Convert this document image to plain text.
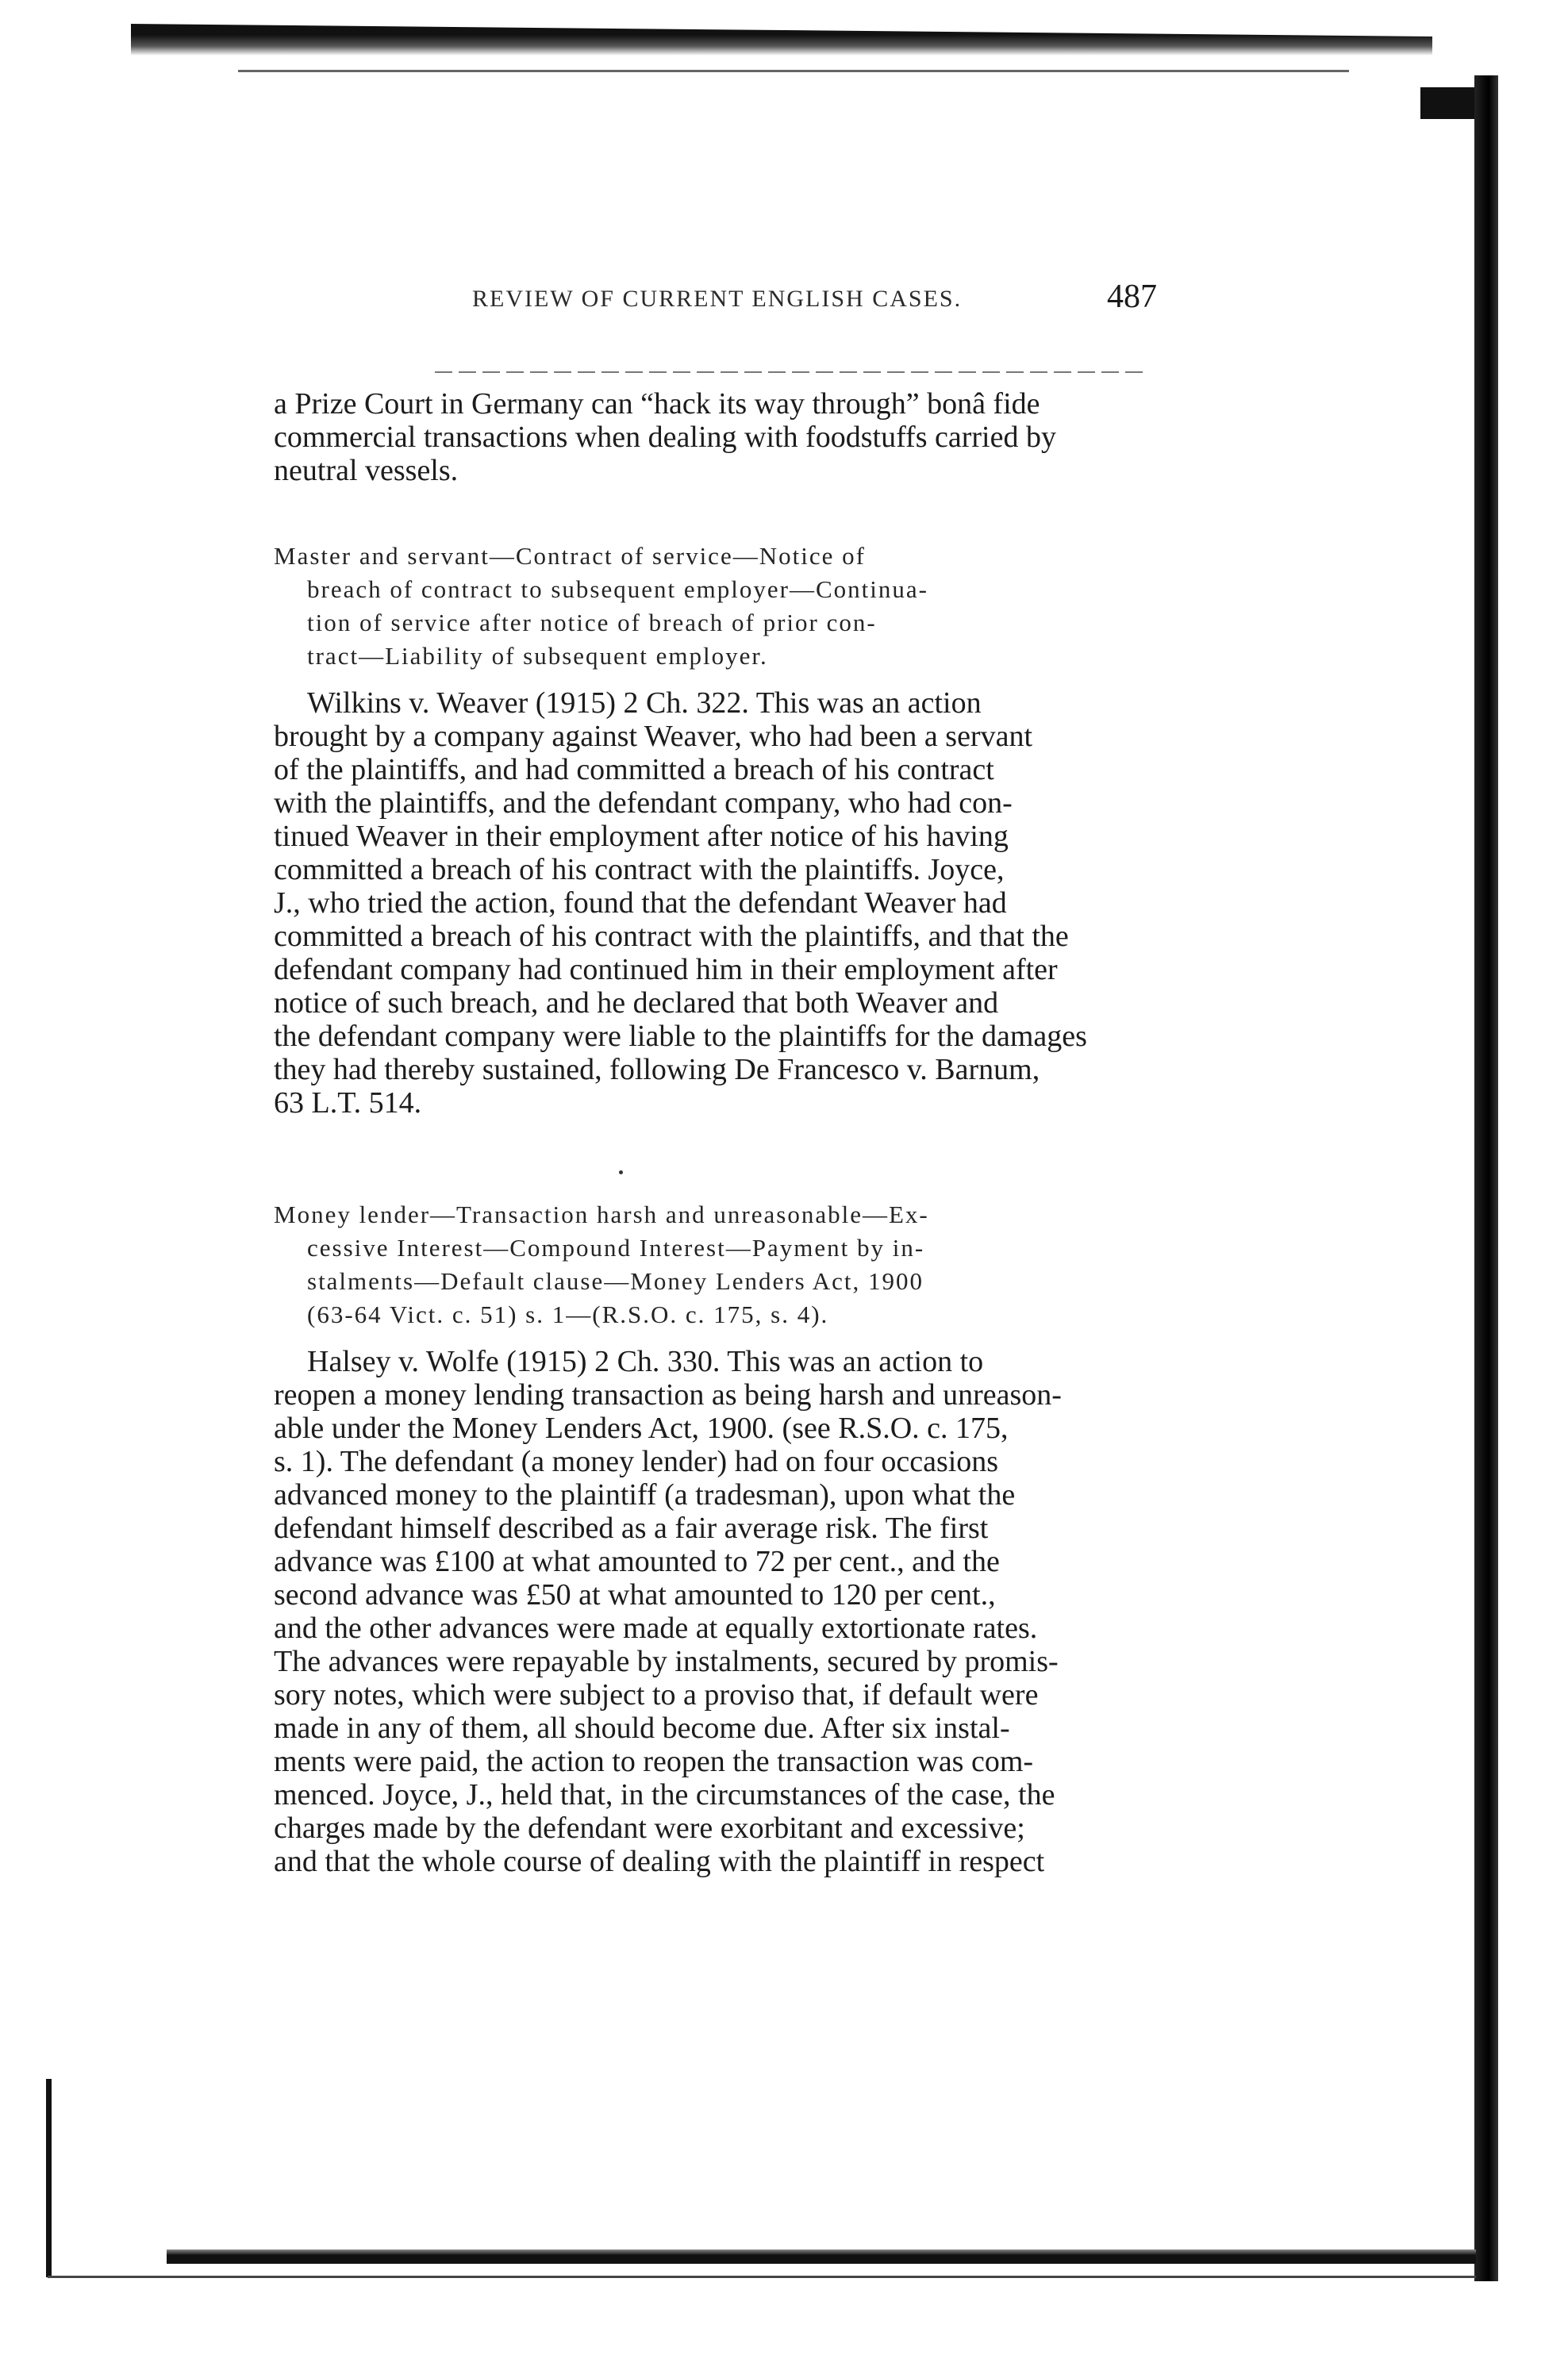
REVIEW OF CURRENT ENGLISH CASES.	487
a Prize Court in Germany can “hack its way through” bonâ fide
commercial transactions when dealing with foodstuffs carried by
neutral vessels.
Master and servant—Contract of service—Notice of
breach of contract to subsequent employer—Continua-
tion of service after notice of breach of prior con-
tract—Liability of subsequent employer.
Wilkins v. Weaver (1915) 2 Ch. 322. This was an action
brought by a company against Weaver, who had been a servant
of the plaintiffs, and had committed a breach of his contract
with the plaintiffs, and the defendant company, who had con-
tinued Weaver in their employment after notice of his having
committed a breach of his contract with the plaintiffs. Joyce,
J., who tried the action, found that the defendant Weaver had
committed a breach of his contract with the plaintiffs, and that the
defendant company had continued him in their employment after
notice of such breach, and he declared that both Weaver and
the defendant company were liable to the plaintiffs for the damages
they had thereby sustained, following De Francesco v. Barnum,
63 L.T. 514.
Money lender—Transaction harsh and unreasonable—Ex-
cessive Interest—Compound Interest—Payment by in-
stalments—Default clause—Money Lenders Act, 1900
(63-64 Vict. c. 51) s. 1—(R.S.O. c. 175, s. 4).
Halsey v. Wolfe (1915) 2 Ch. 330. This was an action to
reopen a money lending transaction as being harsh and unreason-
able under the Money Lenders Act, 1900. (see R.S.O. c. 175,
s. 1). The defendant (a money lender) had on four occasions
advanced money to the plaintiff (a tradesman), upon what the
defendant himself described as a fair average risk. The first
advance was £100 at what amounted to 72 per cent., and the
second advance was £50 at what amounted to 120 per cent.,
and the other advances were made at equally extortionate rates.
The advances were repayable by instalments, secured by promis-
sory notes, which were subject to a proviso that, if default were
made in any of them, all should become due. After six instal-
ments were paid, the action to reopen the transaction was com-
menced. Joyce, J., held that, in the circumstances of the case, the
charges made by the defendant were exorbitant and excessive;
and that the whole course of dealing with the plaintiff in respect
